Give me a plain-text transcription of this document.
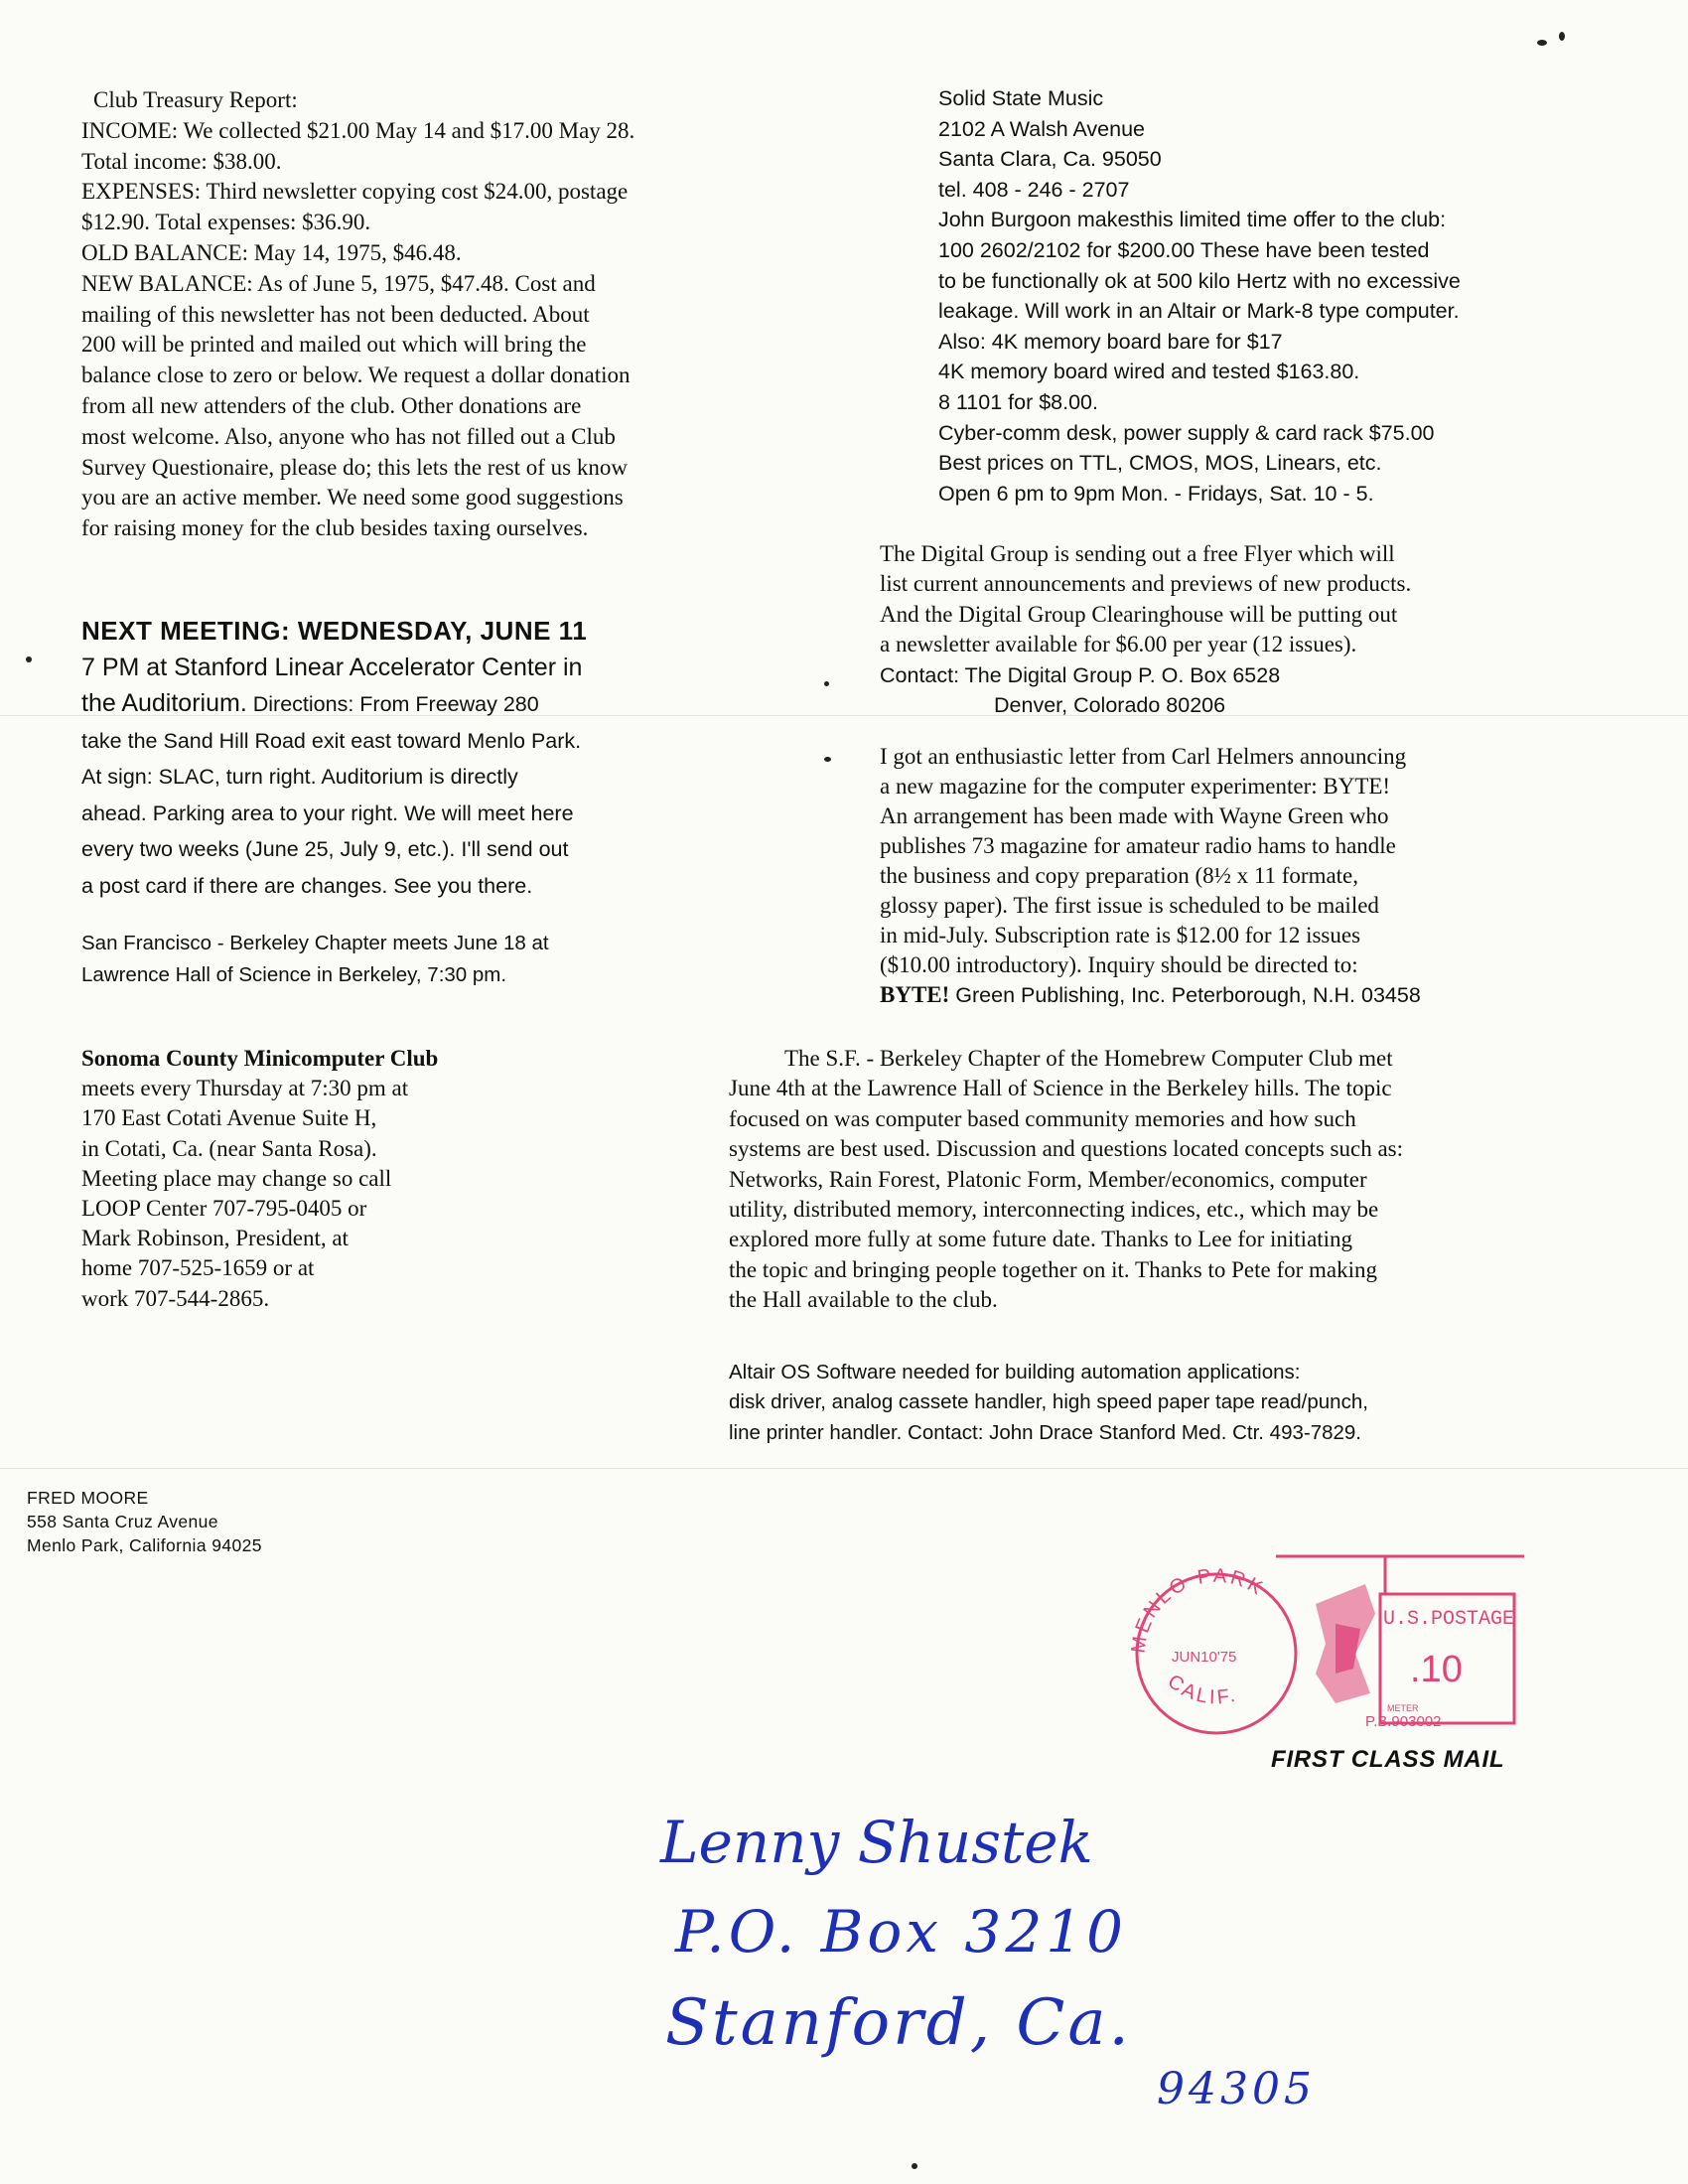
Club Treasury Report:
INCOME: We collected $21.00 May 14 and $17.00 May 28.
Total income: $38.00.
EXPENSES: Third newsletter copying cost $24.00, postage
$12.90. Total expenses: $36.90.
OLD BALANCE: May 14, 1975, $46.48.
NEW BALANCE: As of June 5, 1975, $47.48. Cost and
mailing of this newsletter has not been deducted. About
200 will be printed and mailed out which will bring the
balance close to zero or below. We request a dollar donation
from all new attenders of the club. Other donations are
most welcome. Also, anyone who has not filled out a Club
Survey Questionaire, please do; this lets the rest of us know
you are an active member. We need some good suggestions
for raising money for the club besides taxing ourselves.
Solid State Music
2102 A Walsh Avenue
Santa Clara, Ca. 95050
tel. 408 - 246 - 2707
John Burgoon makesthis limited time offer to the club:
100 2602/2102 for $200.00 These have been tested
to be functionally ok at 500 kilo Hertz with no excessive
leakage. Will work in an Altair or Mark-8 type computer.
Also: 4K memory board bare for $17
4K memory board wired and tested $163.80.
8 1101 for $8.00.
Cyber-comm desk, power supply & card rack $75.00
Best prices on TTL, CMOS, MOS, Linears, etc.
Open 6 pm to 9pm Mon. - Fridays, Sat. 10 - 5.
The Digital Group is sending out a free Flyer which will
list current announcements and previews of new products.
And the Digital Group Clearinghouse will be putting out
a newsletter available for $6.00 per year (12 issues).
Contact: The Digital Group P. O. Box 6528
Denver, Colorado 80206
NEXT MEETING: WEDNESDAY, JUNE 11
7 PM at Stanford Linear Accelerator Center in
the Auditorium. Directions: From Freeway 280
take the Sand Hill Road exit east toward Menlo Park.
At sign: SLAC, turn right. Auditorium is directly
ahead. Parking area to your right. We will meet here
every two weeks (June 25, July 9, etc.). I'll send out
a post card if there are changes. See you there.
San Francisco - Berkeley Chapter meets June 18 at
Lawrence Hall of Science in Berkeley, 7:30 pm.
I got an enthusiastic letter from Carl Helmers announcing
a new magazine for the computer experimenter: BYTE!
An arrangement has been made with Wayne Green who
publishes 73 magazine for amateur radio hams to handle
the business and copy preparation (8½ x 11 formate,
glossy paper). The first issue is scheduled to be mailed
in mid-July. Subscription rate is $12.00 for 12 issues
($10.00 introductory). Inquiry should be directed to:
BYTE! Green Publishing, Inc. Peterborough, N.H. 03458
Sonoma County Minicomputer Club
meets every Thursday at 7:30 pm at
170 East Cotati Avenue Suite H,
in Cotati, Ca. (near Santa Rosa).
Meeting place may change so call
LOOP Center 707-795-0405 or
Mark Robinson, President, at
home 707-525-1659 or at
work 707-544-2865.
The S.F. - Berkeley Chapter of the Homebrew Computer Club met
June 4th at the Lawrence Hall of Science in the Berkeley hills. The topic
focused on was computer based community memories and how such
systems are best used. Discussion and questions located concepts such as:
Networks, Rain Forest, Platonic Form, Member/economics, computer
utility, distributed memory, interconnecting indices, etc., which may be
explored more fully at some future date. Thanks to Lee for initiating
the topic and bringing people together on it. Thanks to Pete for making
the Hall available to the club.
Altair OS Software needed for building automation applications:
disk driver, analog cassete handler, high speed paper tape read/punch,
line printer handler. Contact: John Drace Stanford Med. Ctr. 493-7829.
FRED MOORE
558 Santa Cruz Avenue
Menlo Park, California 94025
MENLO PARK
CALIF.
JUN10'75
U.S.POSTAGE
.10
METER
P.B.903002
FIRST CLASS MAIL
Lenny Shustek
P.O. Box 3210
Stanford, Ca.
94305
